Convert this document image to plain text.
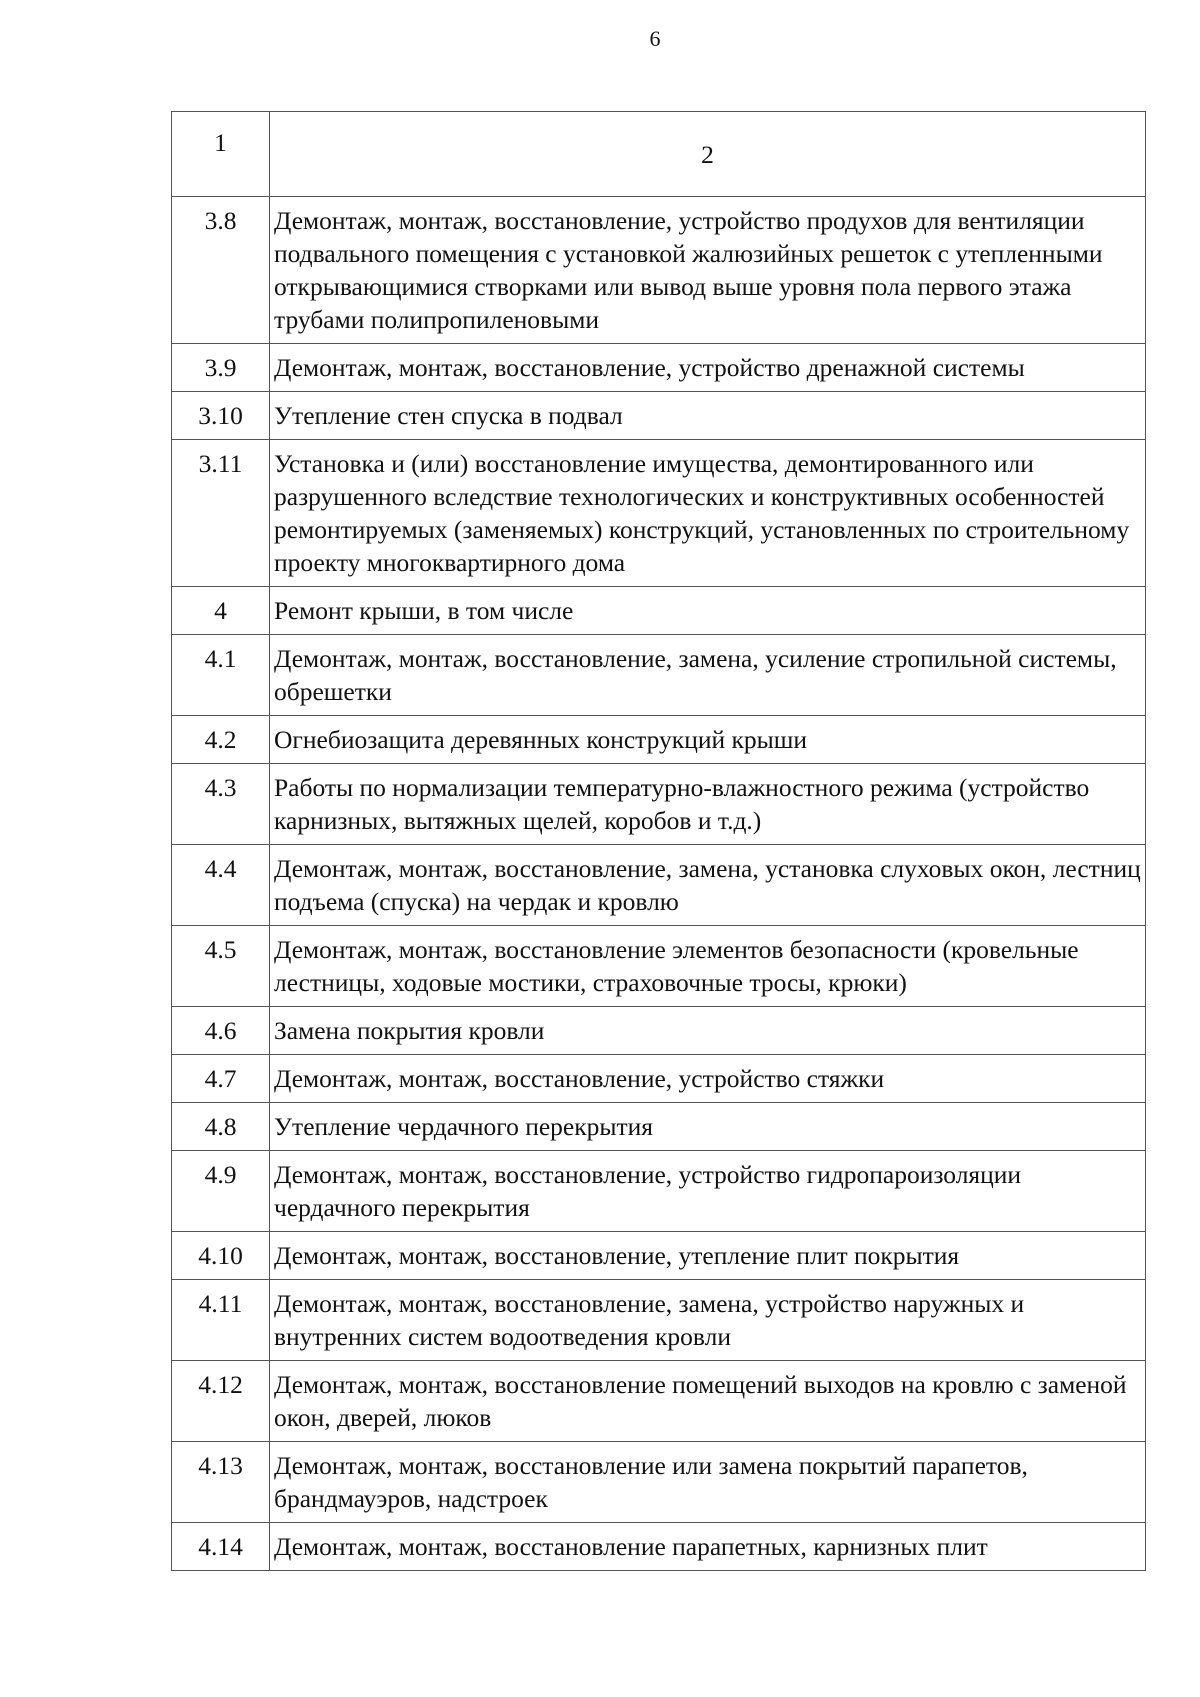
6
1	2
3.8	Демонтаж, монтаж, восстановление, устройство продухов для вентиляции подвального помещения с установкой жалюзийных решеток с утепленными открывающимися створками или вывод выше уровня пола первого этажа трубами полипропиленовыми
3.9	Демонтаж, монтаж, восстановление, устройство дренажной системы
3.10	Утепление стен спуска в подвал
3.11	Установка и (или) восстановление имущества, демонтированного или разрушенного вследствие технологических и конструктивных особенностей ремонтируемых (заменяемых) конструкций, установленных по строительному проекту многоквартирного дома
4	Ремонт крыши, в том числе
4.1	Демонтаж, монтаж, восстановление, замена, усиление стропильной системы, обрешетки
4.2	Огнебиозащита деревянных конструкций крыши
4.3	Работы по нормализации температурно-влажностного режима (устройство карнизных, вытяжных щелей, коробов и т.д.)
4.4	Демонтаж, монтаж, восстановление, замена, установка слуховых окон, лестниц подъема (спуска) на чердак и кровлю
4.5	Демонтаж, монтаж, восстановление элементов безопасности (кровельные лестницы, ходовые мостики, страховочные тросы, крюки)
4.6	Замена покрытия кровли
4.7	Демонтаж, монтаж, восстановление, устройство стяжки
4.8	Утепление чердачного перекрытия
4.9	Демонтаж, монтаж, восстановление, устройство гидропароизоляции чердачного перекрытия
4.10	Демонтаж, монтаж, восстановление, утепление плит покрытия
4.11	Демонтаж, монтаж, восстановление, замена, устройство наружных и внутренних систем водоотведения кровли
4.12	Демонтаж, монтаж, восстановление помещений выходов на кровлю с заменой окон, дверей, люков
4.13	Демонтаж, монтаж, восстановление или замена покрытий парапетов, брандмауэров, надстроек
4.14	Демонтаж, монтаж, восстановление парапетных, карнизных плит
